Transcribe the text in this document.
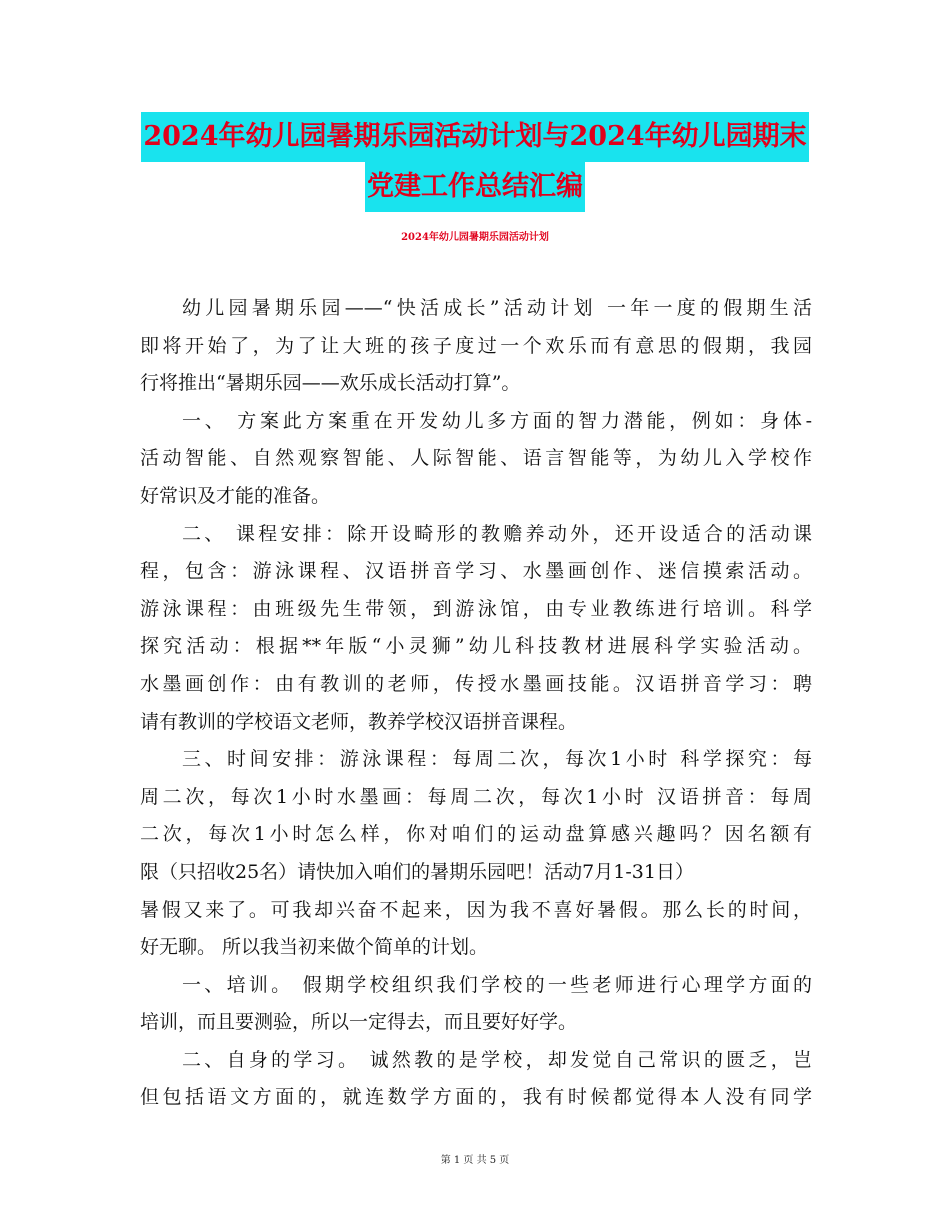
2024年幼儿园暑期乐园活动计划与2024年幼儿园期末
党建工作总结汇编
2024年幼儿园暑期乐园活动计划
幼儿园暑期乐园——“快活成长”活动计划 一年一度的假期生活
即将开始了，为了让大班的孩子度过一个欢乐而有意思的假期，我园
行将推出“暑期乐园——欢乐成长活动打算”。
一、 方案此方案重在开发幼儿多方面的智力潜能，例如：身体-
活动智能、自然观察智能、人际智能、语言智能等，为幼儿入学校作
好常识及才能的准备。
二、 课程安排：除开设畸形的教赡养动外，还开设适合的活动课
程，包含：游泳课程、汉语拼音学习、水墨画创作、迷信摸索活动。
游泳课程：由班级先生带领，到游泳馆，由专业教练进行培训。科学
探究活动：根据**年版“小灵狮”幼儿科技教材进展科学实验活动。
水墨画创作：由有教训的老师，传授水墨画技能。汉语拼音学习：聘
请有教训的学校语文老师，教养学校汉语拼音课程。
三、时间安排：游泳课程：每周二次，每次1小时 科学探究：每
周二次，每次1小时水墨画：每周二次，每次1小时 汉语拼音：每周
二次，每次1小时怎么样，你对咱们的运动盘算感兴趣吗？因名额有
限（只招收25名）请快加入咱们的暑期乐园吧！活动7月1-31日）
暑假又来了。可我却兴奋不起来，因为我不喜好暑假。那么长的时间，
好无聊。 所以我当初来做个简单的计划。
一、培训。 假期学校组织我们学校的一些老师进行心理学方面的
培训，而且要测验，所以一定得去，而且要好好学。
二、自身的学习。 诚然教的是学校，却发觉自己常识的匮乏，岂
但包括语文方面的，就连数学方面的，我有时候都觉得本人没有同学
第 1 页 共 5 页
